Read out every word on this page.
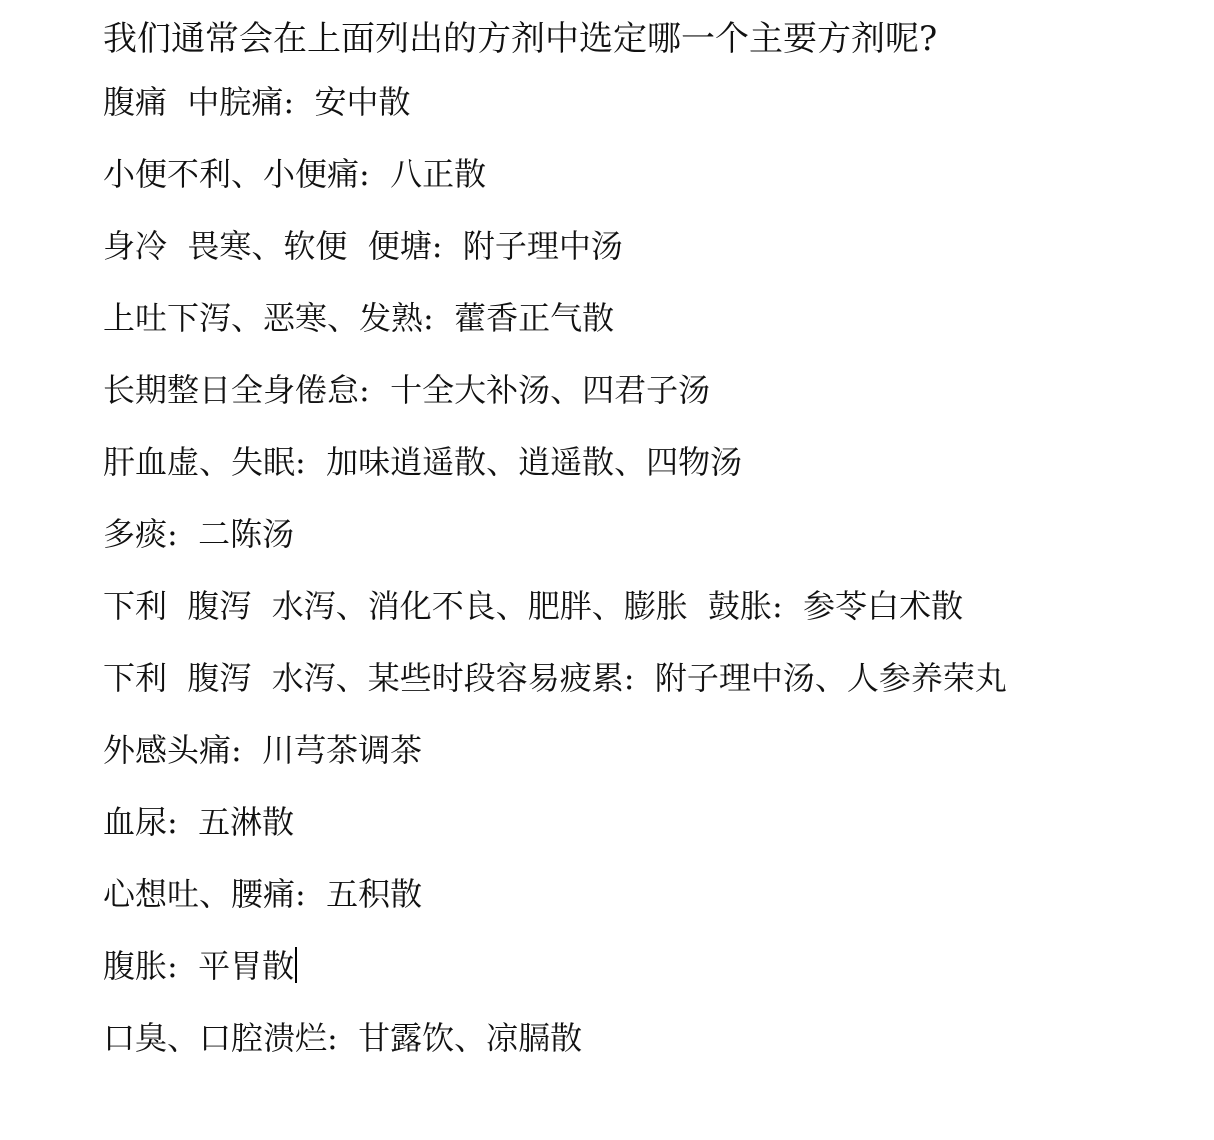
我们通常会在上面列出的方剂中选定哪一个主要方剂呢?
腹痛  中脘痛:  安中散
小便不利、小便痛:  八正散
身冷  畏寒、软便  便塘:  附子理中汤
上吐下泻、恶寒、发熟:  藿香正气散
长期整日全身倦怠:  十全大补汤、四君子汤
肝血虚、失眠:  加味逍遥散、逍遥散、四物汤
多痰:  二陈汤
下利  腹泻  水泻、消化不良、肥胖、膨胀  鼓胀:  参苓白术散
下利  腹泻  水泻、某些时段容易疲累:  附子理中汤、人参养荣丸
外感头痛:  川芎茶调茶
血尿:  五淋散
心想吐、腰痛:  五积散
腹胀:  平胃散
口臭、口腔溃烂:  甘露饮、凉膈散
